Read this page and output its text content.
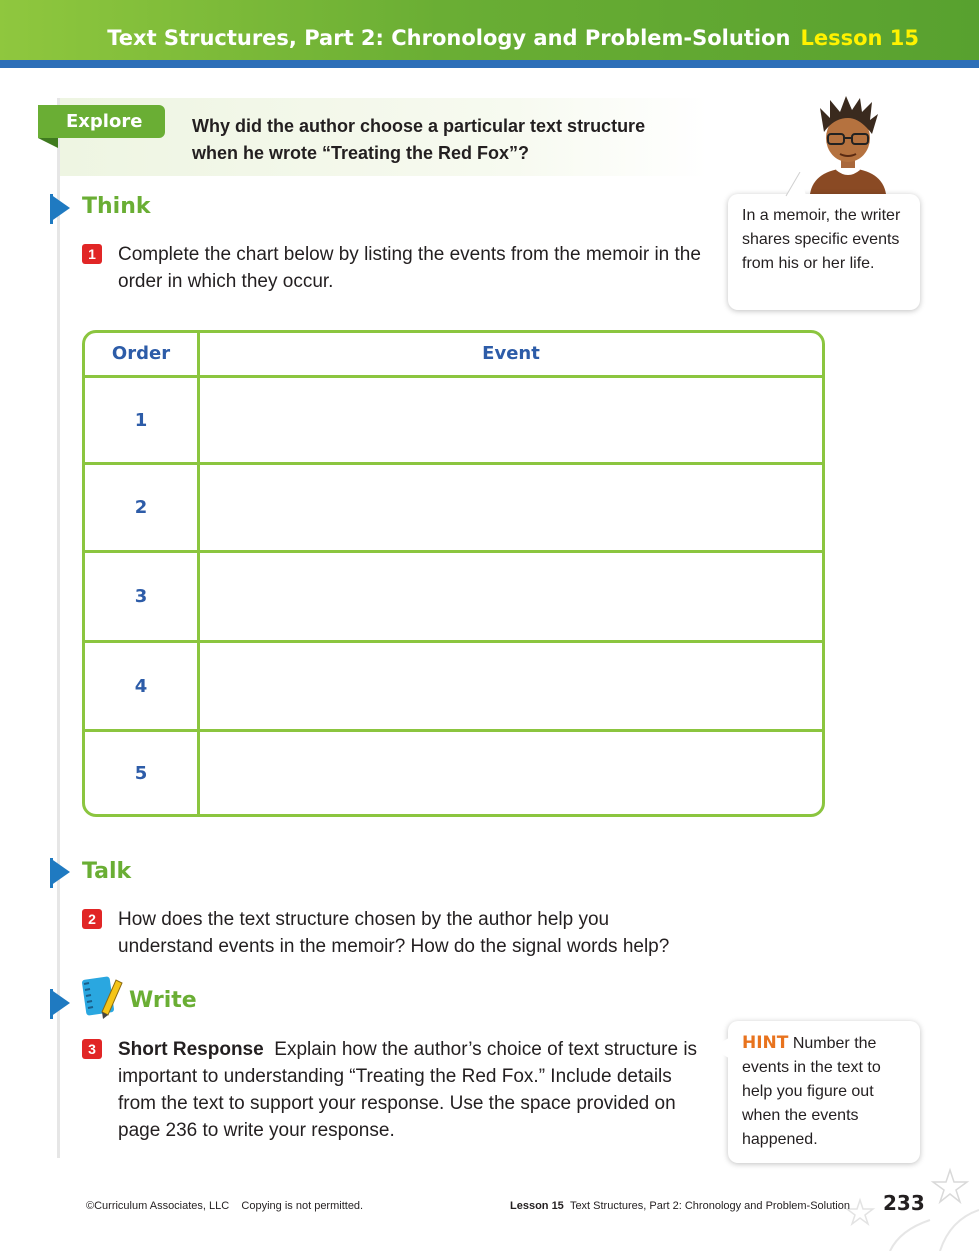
Text Structures, Part 2: Chronology and Problem-Solution Lesson 15
Explore	Why did the author choose a particular text structure
when he wrote “Treating the Red Fox”?
In a memoir, the writer shares specific events from his or her life.
Think
1	Complete the chart below by listing the events from the memoir in the order in which they occur.
Order	Event
1
2
3
4
5
Talk
2	How does the text structure chosen by the author help you understand events in the memoir? How do the signal words help?
Write
3	Short Response Explain how the author’s choice of text structure is important to understanding “Treating the Red Fox.” Include details from the text to support your response. Use the space provided on page 236 to write your response.
HINT Number the events in the text to help you figure out when the events happened.
©Curriculum Associates, LLC    Copying is not permitted.	Lesson 15 Text Structures, Part 2: Chronology and Problem-Solution 233
